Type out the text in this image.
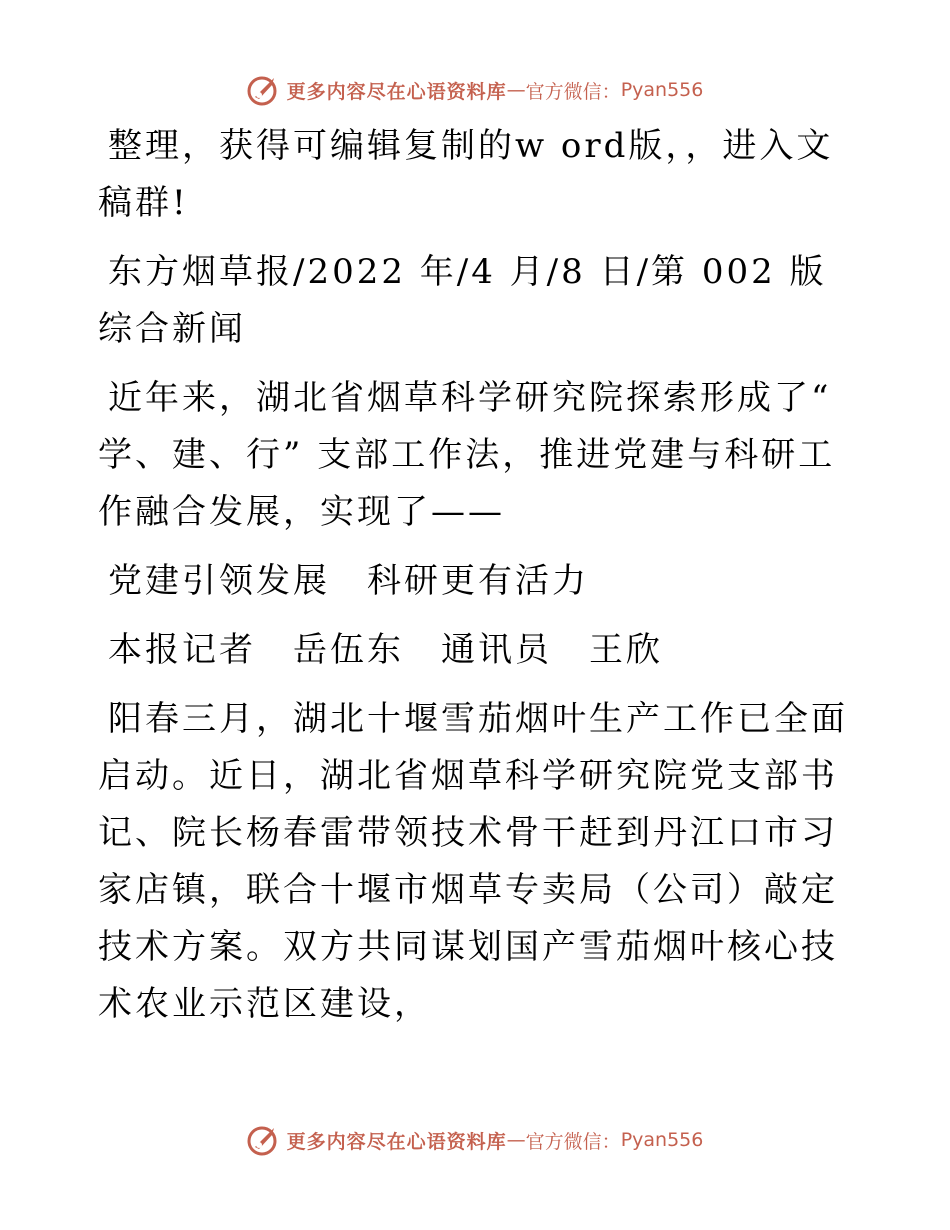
更多内容尽在心语资料库 — 官方微信： Pyan556

整理，获得可编辑复制的w ord版，，进入文稿群!

东方烟草报/2022 年/4 月/8 日/第 002 版综合新闻

近年来，湖北省烟草科学研究院探索形成了“ 学、建、行” 支部工作法，推进党建与科研工作融合发展，实现了——

党建引领发展　科研更有活力

本报记者　岳伍东　通讯员　王欣

阳春三月，湖北十堰雪茄烟叶生产工作已全面启动。近日，湖北省烟草科学研究院党支部书记、院长杨春雷带领技术骨干赶到丹江口市习家店镇，联合十堰市烟草专卖局（公司）敲定技术方案。双方共同谋划国产雪茄烟叶核心技术农业示范区建设，

更多内容尽在心语资料库 — 官方微信： Pyan556
